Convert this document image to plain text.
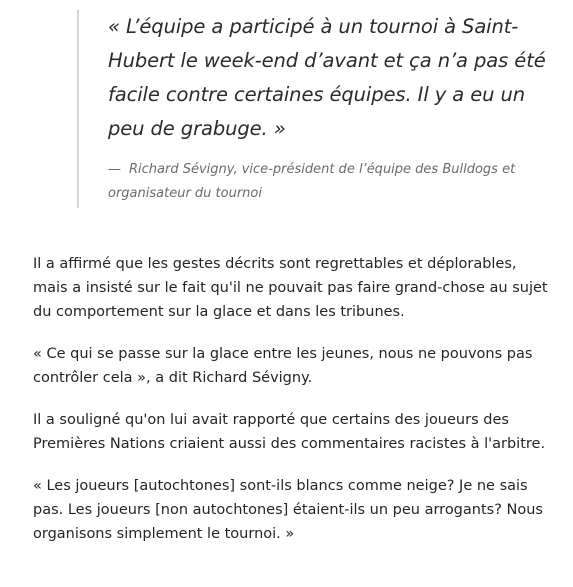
« L’équipe a participé à un tournoi à Saint-Hubert le week-end d’avant et ça n’a pas été facile contre certaines équipes. Il y a eu un peu de grabuge. »

— Richard Sévigny, vice-président de l’équipe des Bulldogs et organisateur du tournoi

Il a affirmé que les gestes décrits sont regrettables et déplorables, mais a insisté sur le fait qu'il ne pouvait pas faire grand-chose au sujet du comportement sur la glace et dans les tribunes.

« Ce qui se passe sur la glace entre les jeunes, nous ne pouvons pas contrôler cela », a dit Richard Sévigny.

Il a souligné qu'on lui avait rapporté que certains des joueurs des Premières Nations criaient aussi des commentaires racistes à l'arbitre.

« Les joueurs [autochtones] sont-ils blancs comme neige? Je ne sais pas. Les joueurs [non autochtones] étaient-ils un peu arrogants? Nous organisons simplement le tournoi. »
